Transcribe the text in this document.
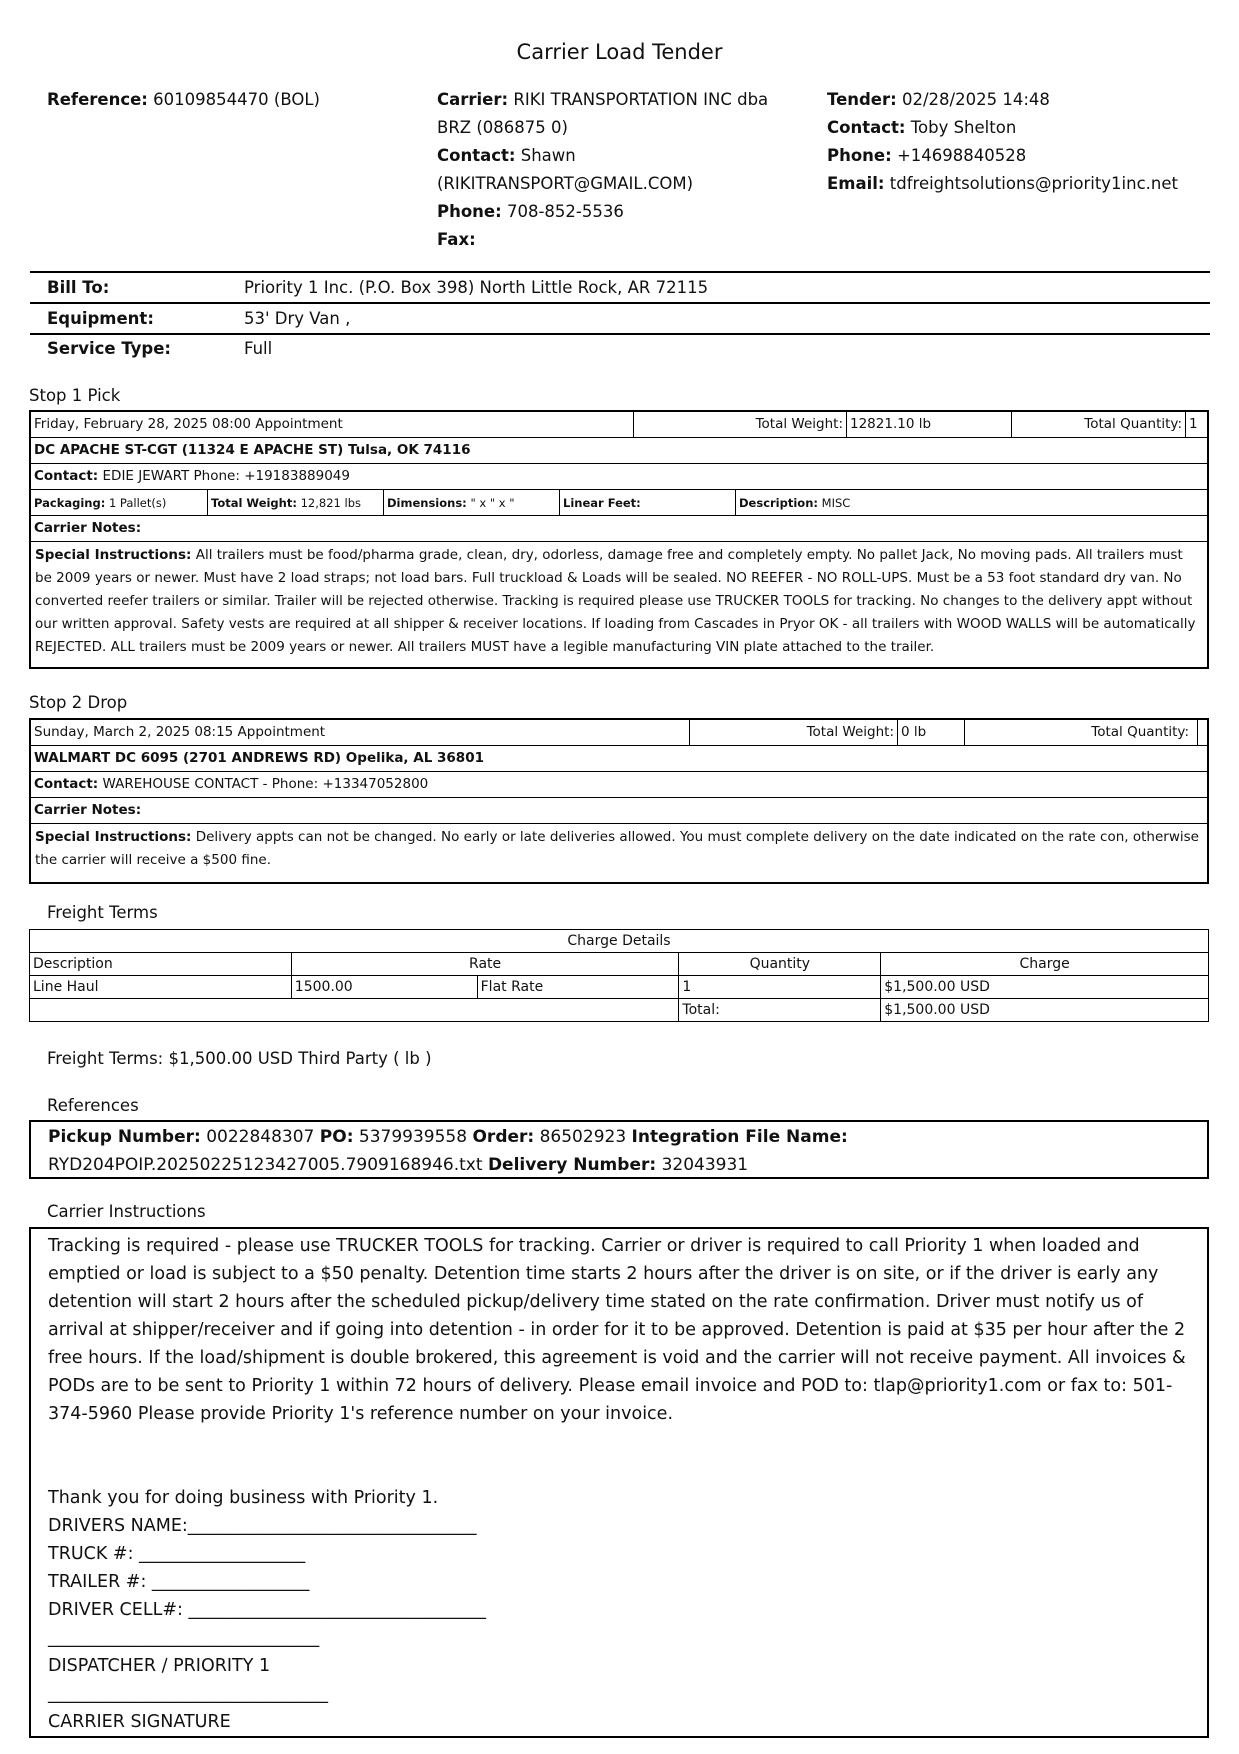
Carrier Load Tender
Reference: 60109854470 (BOL)	Carrier: RIKI TRANSPORTATION INC dba
BRZ (086875 0)
Contact: Shawn
(RIKITRANSPORT@GMAIL.COM)
Phone: 708-852-5536
Fax:
Tender: 02/28/2025 14:48
Contact: Toby Shelton
Phone: +14698840528
Email: tdfreightsolutions@priority1inc.net
Bill To:	Priority 1 Inc. (P.O. Box 398) North Little Rock, AR 72115
Equipment:	53' Dry Van ,
Service Type:	Full
Stop 1 Pick
Friday, February 28, 2025 08:00 Appointment	Total Weight: 12821.10 lb	Total Quantity: 1
DC APACHE ST-CGT (11324 E APACHE ST) Tulsa, OK 74116
Contact: EDIE JEWART Phone: +19183889049
Packaging: 1 Pallet(s)	Total Weight: 12,821 lbs	Dimensions: " x " x "	Linear Feet:	Description: MISC
Carrier Notes:
Special Instructions: All trailers must be food/pharma grade, clean, dry, odorless, damage free and completely empty. No pallet Jack, No moving pads. All trailers must be 2009 years or newer. Must have 2 load straps; not load bars. Full truckload & Loads will be sealed. NO REEFER - NO ROLL-UPS. Must be a 53 foot standard dry van. No converted reefer trailers or similar. Trailer will be rejected otherwise. Tracking is required please use TRUCKER TOOLS for tracking. No changes to the delivery appt without our written approval. Safety vests are required at all shipper & receiver locations. If loading from Cascades in Pryor OK - all trailers with WOOD WALLS will be automatically REJECTED. ALL trailers must be 2009 years or newer. All trailers MUST have a legible manufacturing VIN plate attached to the trailer.
Stop 2 Drop
Sunday, March 2, 2025 08:15 Appointment	Total Weight: 0 lb	Total Quantity:
WALMART DC 6095 (2701 ANDREWS RD) Opelika, AL 36801
Contact: WAREHOUSE CONTACT - Phone: +13347052800
Carrier Notes:
Special Instructions: Delivery appts can not be changed. No early or late deliveries allowed. You must complete delivery on the date indicated on the rate con, otherwise the carrier will receive a $500 fine.
Freight Terms
Charge Details				
Description	Rate		Quantity	Charge
Line Haul	1500.00	Flat Rate	1	$1,500.00 USD
			Total:	$1,500.00 USD
Freight Terms: $1,500.00 USD Third Party ( lb )
References
Pickup Number: 0022848307 PO: 5379939558 Order: 86502923 Integration File Name:
RYD204POIP.20250225123427005.7909168946.txt Delivery Number: 32043931
Carrier Instructions

Tracking is required - please use TRUCKER TOOLS for tracking. Carrier or driver is required to call Priority 1 when loaded and emptied or load is subject to a $50 penalty. Detention time starts 2 hours after the driver is on site, or if the driver is early any detention will start 2 hours after the scheduled pickup/delivery time stated on the rate confirmation. Driver must notify us of arrival at shipper/receiver and if going into detention - in order for it to be approved. Detention is paid at $35 per hour after the 2 free hours. If the load/shipment is double brokered, this agreement is void and the carrier will not receive payment. All invoices & PODs are to be sent to Priority 1 within 72 hours of delivery. Please email invoice and POD to: tlap@priority1.com or fax to: 501-374-5960 Please provide Priority 1's reference number on your invoice.

Thank you for doing business with Priority 1.

DRIVERS NAME:_________________________________

TRUCK #: ___________________

TRAILER #: __________________

DRIVER CELL#: __________________________________

_______________________________

DISPATCHER / PRIORITY 1

________________________________

CARRIER SIGNATURE
